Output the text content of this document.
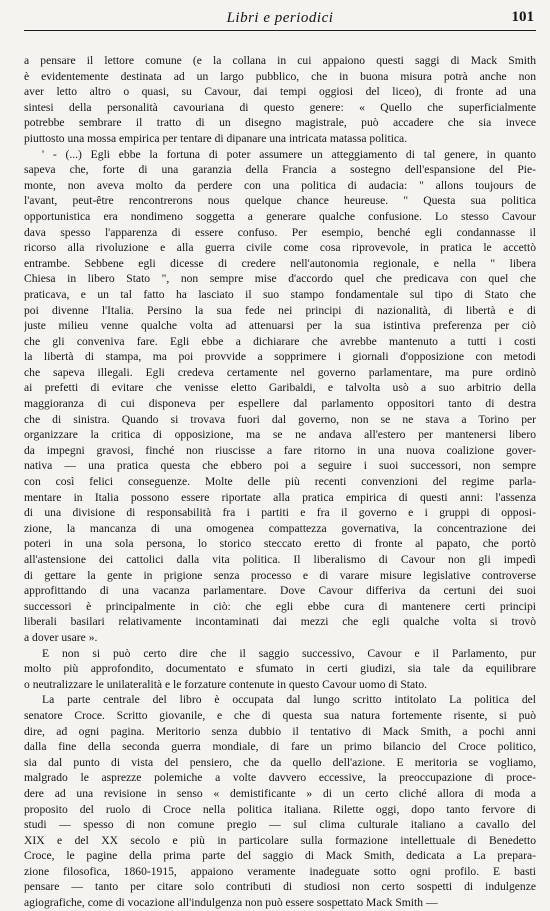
Libri e periodici	101
a pensare il lettore comune (e la collana in cui appaiono questi saggi di Mack Smith
è evidentemente destinata ad un largo pubblico, che in buona misura potrà anche non
aver letto altro o quasi, su Cavour, dai tempi oggiosi del liceo), di fronte ad una
sintesi della personalità cavouriana di questo genere: « Quello che superficialmente
potrebbe sembrare il tratto di un disegno magistrale, può accadere che sia invece
piuttosto una mossa empirica per tentare di dipanare una intricata matassa politica.
' - (...) Egli ebbe la fortuna di poter assumere un atteggiamento di tal genere, in quanto
sapeva che, forte di una garanzia della Francia a sostegno dell'espansione del Pie-
monte, non aveva molto da perdere con una politica di audacia: " allons toujours de
l'avant, peut-être rencontrerons nous quelque chance heureuse. " Questa sua politica
opportunistica era nondimeno soggetta a generare qualche confusione. Lo stesso Cavour
dava spesso l'apparenza di essere confuso. Per esempio, benché egli condannasse il
ricorso alla rivoluzione e alla guerra civile come cosa riprovevole, in pratica le accettò
entrambe. Sebbene egli dicesse di credere nell'autonomia regionale, e nella " libera
Chiesa in libero Stato ", non sempre mise d'accordo quel che predicava con quel che
praticava, e un tal fatto ha lasciato il suo stampo fondamentale sul tipo di Stato che
poi divenne l'Italia. Persino la sua fede nei principi di nazionalità, di libertà e di
juste milieu venne qualche volta ad attenuarsi per la sua istintiva preferenza per ciò
che gli conveniva fare. Egli ebbe a dichiarare che avrebbe mantenuto a tutti i costi
la libertà di stampa, ma poi provvide a sopprimere i giornali d'opposizione con metodi
che sapeva illegali. Egli credeva certamente nel governo parlamentare, ma pure ordinò
ai prefetti di evitare che venisse eletto Garibaldi, e talvolta usò a suo arbitrio della
maggioranza di cui disponeva per espellere dal parlamento oppositori tanto di destra
che di sinistra. Quando si trovava fuori dal governo, non se ne stava a Torino per
organizzare la critica di opposizione, ma se ne andava all'estero per mantenersi libero
da impegni gravosi, finché non riuscisse a fare ritorno in una nuova coalizione gover-
nativa — una pratica questa che ebbero poi a seguire i suoi successori, non sempre
con così felici conseguenze. Molte delle più recenti convenzioni del regime parla-
mentare in Italia possono essere riportate alla pratica empirica di questi anni: l'assenza
di una divisione di responsabilità fra i partiti e fra il governo e i gruppi di opposi-
zione, la mancanza di una omogenea compattezza governativa, la concentrazione dei
poteri in una sola persona, lo storico steccato eretto di fronte al papato, che portò
all'astensione dei cattolici dalla vita politica. Il liberalismo di Cavour non gli impedì
di gettare la gente in prigione senza processo e di varare misure legislative controverse
approfittando di una vacanza parlamentare. Dove Cavour differiva da certuni dei suoi
successori è principalmente in ciò: che egli ebbe cura di mantenere certi principi
liberali basilari relativamente incontaminati dai mezzi che egli qualche volta si trovò
a dover usare ».
E non si può certo dire che il saggio successivo, Cavour e il Parlamento, pur
molto più approfondito, documentato e sfumato in certi giudizi, sia tale da equilibrare
o neutralizzare le unilateralità e le forzature contenute in questo Cavour uomo di Stato.
La parte centrale del libro è occupata dal lungo scritto intitolato La politica del
senatore Croce. Scritto giovanile, e che di questa sua natura fortemente risente, si può
dire, ad ogni pagina. Meritorio senza dubbio il tentativo di Mack Smith, a pochi anni
dalla fine della seconda guerra mondiale, di fare un primo bilancio del Croce politico,
sia dal punto di vista del pensiero, che da quello dell'azione. E meritoria se vogliamo,
malgrado le asprezze polemiche a volte davvero eccessive, la preoccupazione di proce-
dere ad una revisione in senso « demistificante » di un certo cliché allora di moda a
proposito del ruolo di Croce nella politica italiana. Rilette oggi, dopo tanto fervore di
studi — spesso di non comune pregio — sul clima culturale italiano a cavallo del
XIX e del XX secolo e più in particolare sulla formazione intellettuale di Benedetto
Croce, le pagine della prima parte del saggio di Mack Smith, dedicata a La prepara-
zione filosofica, 1860-1915, appaiono veramente inadeguate sotto ogni profilo. E basti
pensare — tanto per citare solo contributi di studiosi non certo sospetti di indulgenze
agiografiche, come di vocazione all'indulgenza non può essere sospettato Mack Smith —
